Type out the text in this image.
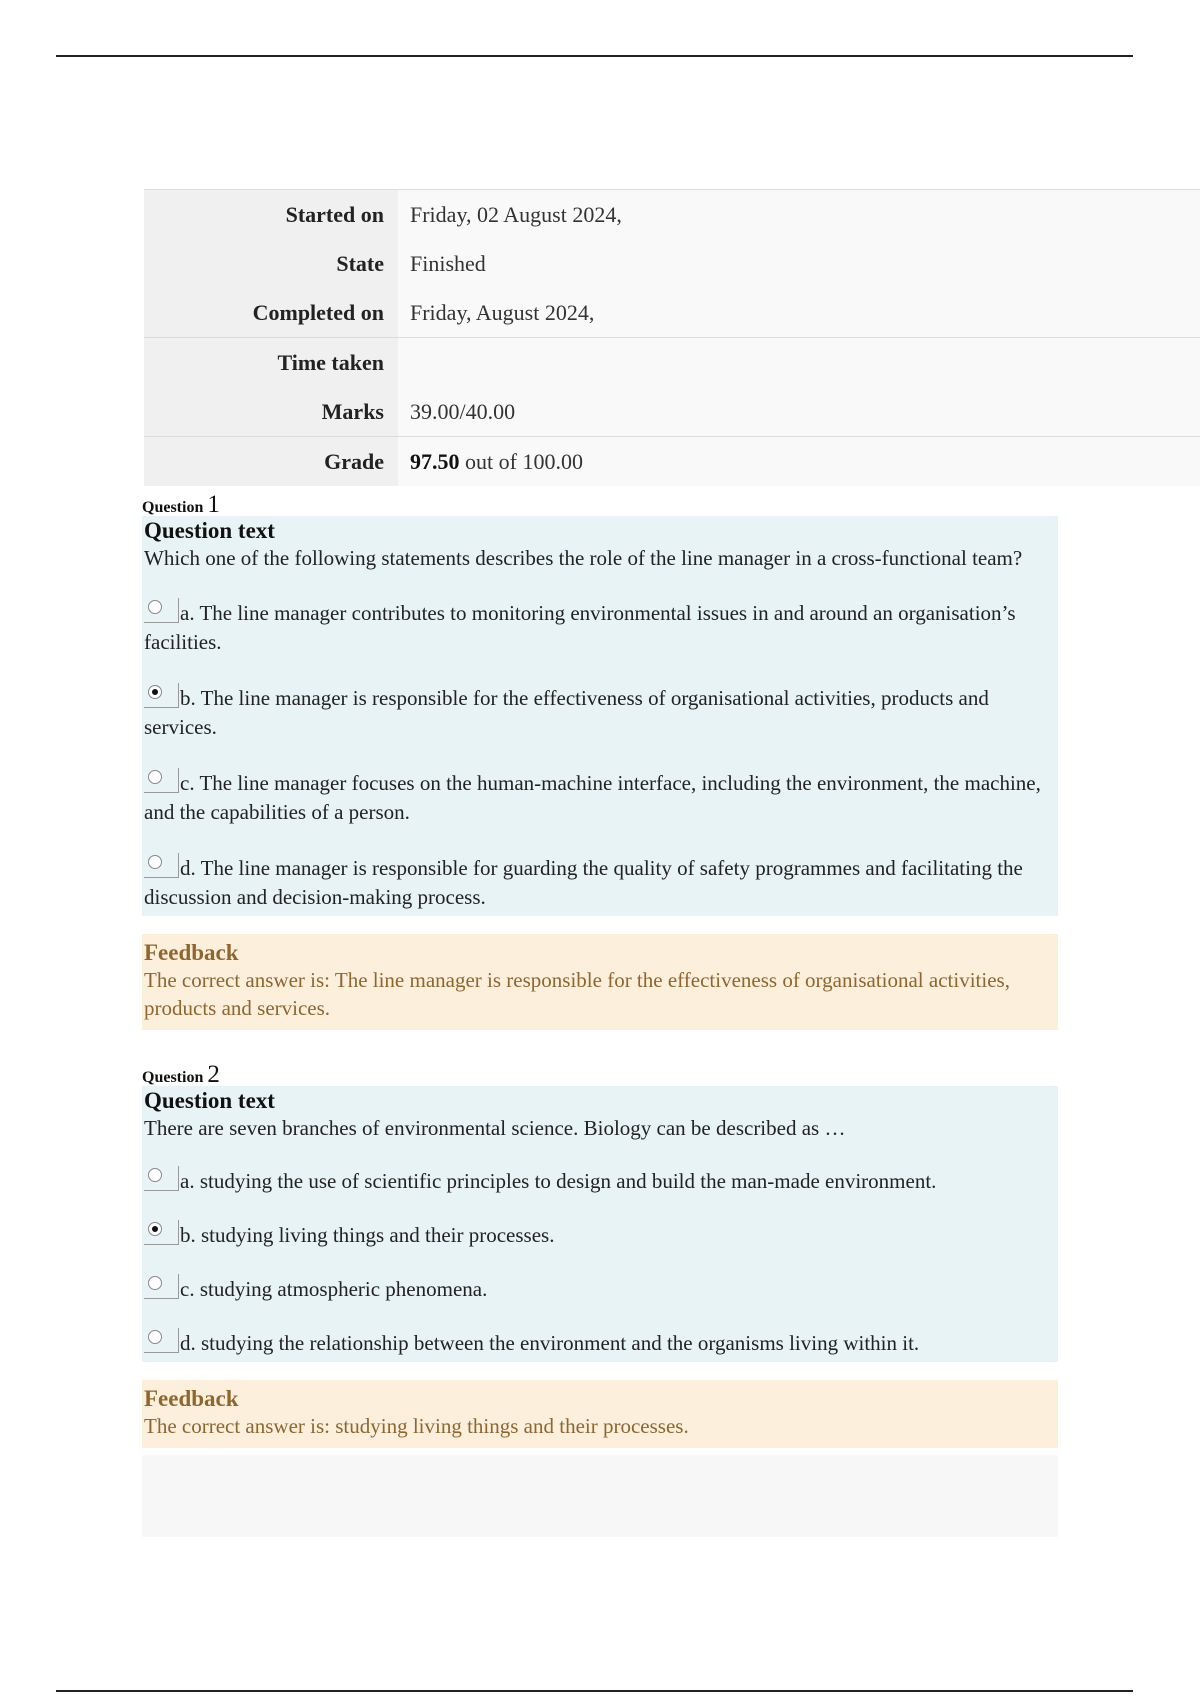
Started on	Friday, 02 August 2024,
State	Finished
Completed on	Friday, August 2024,
Time taken	
Marks	39.00/40.00
Grade	97.50 out of 100.00
Question 1
Question text
Which one of the following statements describes the role of the line manager in a cross-functional team?
a. The line manager contributes to monitoring environmental issues in and around an organisation’s facilities.
b. The line manager is responsible for the effectiveness of organisational activities, products and services.
c. The line manager focuses on the human-machine interface, including the environment, the machine, and the capabilities of a person.
d. The line manager is responsible for guarding the quality of safety programmes and facilitating the discussion and decision-making process.
Feedback
The correct answer is: The line manager is responsible for the effectiveness of organisational activities, products and services.
Question 2
Question text
There are seven branches of environmental science. Biology can be described as …
a. studying the use of scientific principles to design and build the man-made environment.
b. studying living things and their processes.
c. studying atmospheric phenomena.
d. studying the relationship between the environment and the organisms living within it.
Feedback
The correct answer is: studying living things and their processes.
